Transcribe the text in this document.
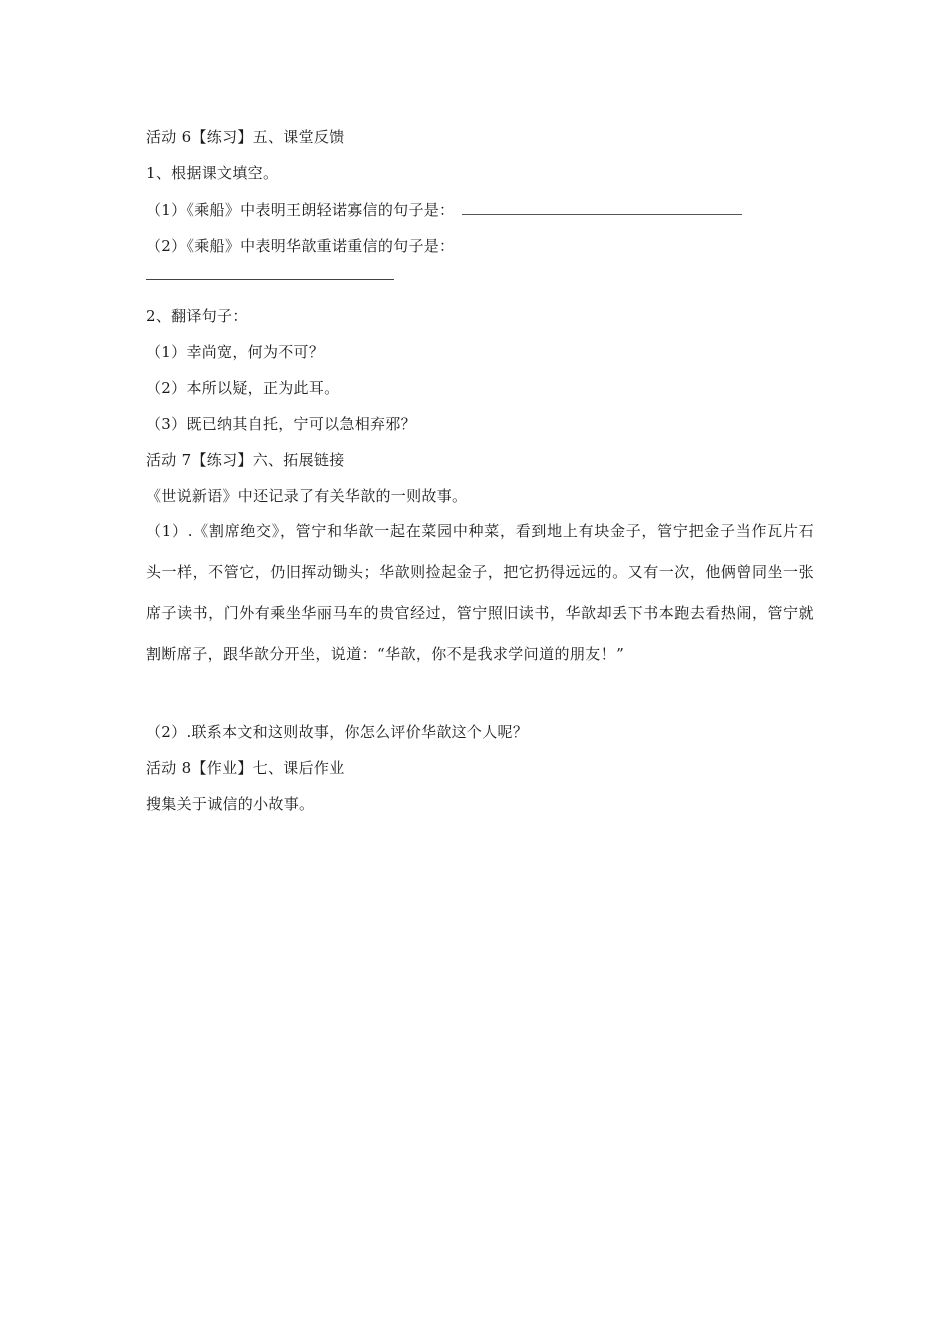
活动 6【练习】五、课堂反馈
1、根据课文填空。
（1）《乘船》中表明王朗轻诺寡信的句子是：
（2）《乘船》中表明华歆重诺重信的句子是：
2、翻译句子：
（1）幸尚宽，何为不可？
（2）本所以疑，正为此耳。
（3）既已纳其自托，宁可以急相弃邪？
活动 7【练习】六、拓展链接
《世说新语》中还记录了有关华歆的一则故事。
（1）.《割席绝交》，管宁和华歆一起在菜园中种菜，看到地上有块金子，管宁把金子当作瓦片石头一样，不管它，仍旧挥动锄头；华歆则捡起金子，把它扔得远远的。又有一次，他俩曾同坐一张席子读书，门外有乘坐华丽马车的贵官经过，管宁照旧读书，华歆却丢下书本跑去看热闹，管宁就割断席子，跟华歆分开坐，说道：“华歆，你不是我求学问道的朋友！”
（2）.联系本文和这则故事，你怎么评价华歆这个人呢？
活动 8【作业】七、课后作业
搜集关于诚信的小故事。
